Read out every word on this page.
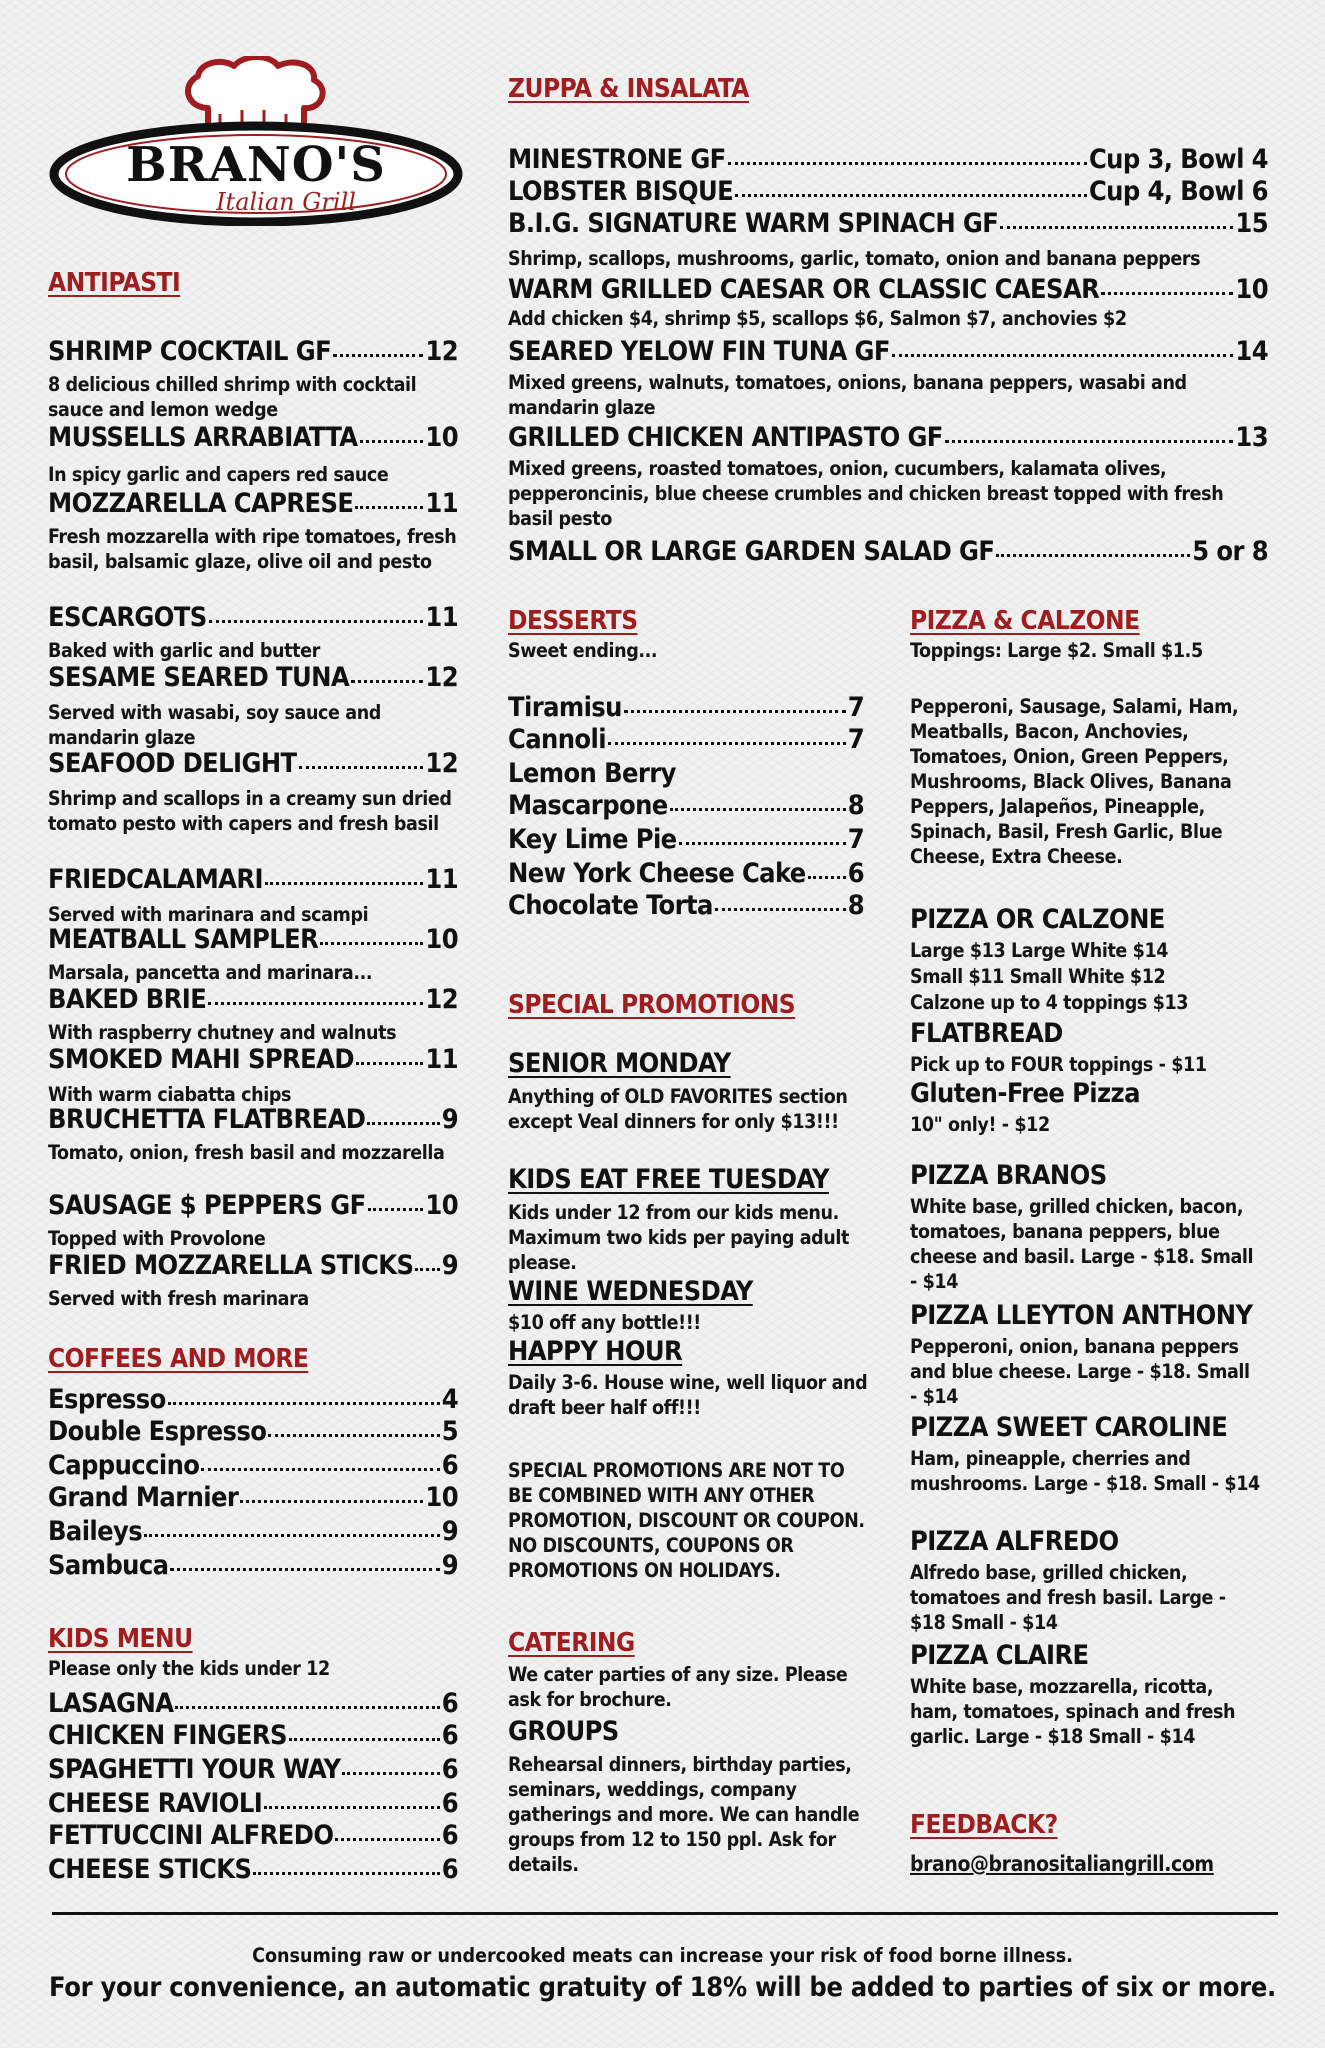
BRANO'S
Italian Grill
ANTIPASTI
SHRIMP COCKTAIL GF	12
8 delicious chilled shrimp with cocktail sauce and lemon wedge
MUSSELLS ARRABIATTA	10
In spicy garlic and capers red sauce
MOZZARELLA CAPRESE	11
Fresh mozzarella with ripe tomatoes, fresh basil, balsamic glaze, olive oil and pesto
ESCARGOTS	11
Baked with garlic and butter
SESAME SEARED TUNA	12
Served with wasabi, soy sauce and mandarin glaze
SEAFOOD DELIGHT	12
Shrimp and scallops in a creamy sun dried tomato pesto with capers and fresh basil
FRIEDCALAMARI	11
Served with marinara and scampi
MEATBALL SAMPLER	10
Marsala, pancetta and marinara...
BAKED BRIE	12
With raspberry chutney and walnuts
SMOKED MAHI SPREAD	11
With warm ciabatta chips
BRUCHETTA FLATBREAD	9
Tomato, onion, fresh basil and mozzarella
SAUSAGE $ PEPPERS GF 10
Topped with Provolone
FRIED MOZZARELLA STICKS 9
Served with fresh marinara
COFFEES AND MORE
Espresso	4
Double Espresso	5
Cappuccino	6
Grand Marnier	10
Baileys	9
Sambuca	9
KIDS MENU
Please only the kids under 12
LASAGNA	6
CHICKEN FINGERS	6
SPAGHETTI YOUR WAY	6
CHEESE RAVIOLI	6
FETTUCCINI ALFREDO	6
CHEESE STICKS	6
ZUPPA & INSALATA
MINESTRONE GF	Cup 3, Bowl 4
LOBSTER BISQUE	Cup 4, Bowl 6
B.I.G. SIGNATURE WARM SPINACH GF	15
Shrimp, scallops, mushrooms, garlic, tomato, onion and banana peppers
WARM GRILLED CAESAR OR CLASSIC CAESAR	10
Add chicken $4, shrimp $5, scallops $6, Salmon $7, anchovies $2
SEARED YELOW FIN TUNA GF	14
Mixed greens, walnuts, tomatoes, onions, banana peppers, wasabi and mandarin glaze
GRILLED CHICKEN ANTIPASTO GF	13
Mixed greens, roasted tomatoes, onion, cucumbers, kalamata olives, pepperoncinis, blue cheese crumbles and chicken breast topped with fresh basil pesto
SMALL OR LARGE GARDEN SALAD GF	5 or 8
DESSERTS
Sweet ending...
Tiramisu	7
Cannoli	7
Lemon Berry
Mascarpone	8
Key Lime Pie	7
New York Cheese Cake 6
Chocolate Torta	8
SPECIAL PROMOTIONS
SENIOR MONDAY
Anything of OLD FAVORITES section except Veal dinners for only $13!!!
KIDS EAT FREE TUESDAY
Kids under 12 from our kids menu. Maximum two kids per paying adult please.
WINE WEDNESDAY
$10 off any bottle!!!
HAPPY HOUR
Daily 3-6. House wine, well liquor and draft beer half off!!!
SPECIAL PROMOTIONS ARE NOT TO BE COMBINED WITH ANY OTHER PROMOTION, DISCOUNT OR COUPON. NO DISCOUNTS, COUPONS OR PROMOTIONS ON HOLIDAYS.
CATERING
We cater parties of any size. Please ask for brochure.
GROUPS
Rehearsal dinners, birthday parties, seminars, weddings, company gatherings and more. We can handle groups from 12 to 150 ppl. Ask for details.
PIZZA & CALZONE
Toppings: Large $2. Small $1.5
Pepperoni, Sausage, Salami, Ham, Meatballs, Bacon, Anchovies, Tomatoes, Onion, Green Peppers, Mushrooms, Black Olives, Banana Peppers, Jalapeños, Pineapple, Spinach, Basil, Fresh Garlic, Blue Cheese, Extra Cheese.
PIZZA OR CALZONE
Large $13 Large White $14
Small $11 Small White $12
Calzone up to 4 toppings $13
FLATBREAD
Pick up to FOUR toppings - $11
Gluten-Free Pizza
10" only! - $12
PIZZA BRANOS
White base, grilled chicken, bacon, tomatoes, banana peppers, blue cheese and basil. Large - $18. Small - $14
PIZZA LLEYTON ANTHONY
Pepperoni, onion, banana peppers and blue cheese. Large - $18. Small - $14
PIZZA SWEET CAROLINE
Ham, pineapple, cherries and mushrooms. Large - $18. Small - $14
PIZZA ALFREDO
Alfredo base, grilled chicken, tomatoes and fresh basil. Large - $18 Small - $14
PIZZA CLAIRE
White base, mozzarella, ricotta, ham, tomatoes, spinach and fresh garlic. Large - $18 Small - $14
FEEDBACK?
brano@branositaliangrill.com
Consuming raw or undercooked meats can increase your risk of food borne illness.
For your convenience, an automatic gratuity of 18% will be added to parties of six or more.
